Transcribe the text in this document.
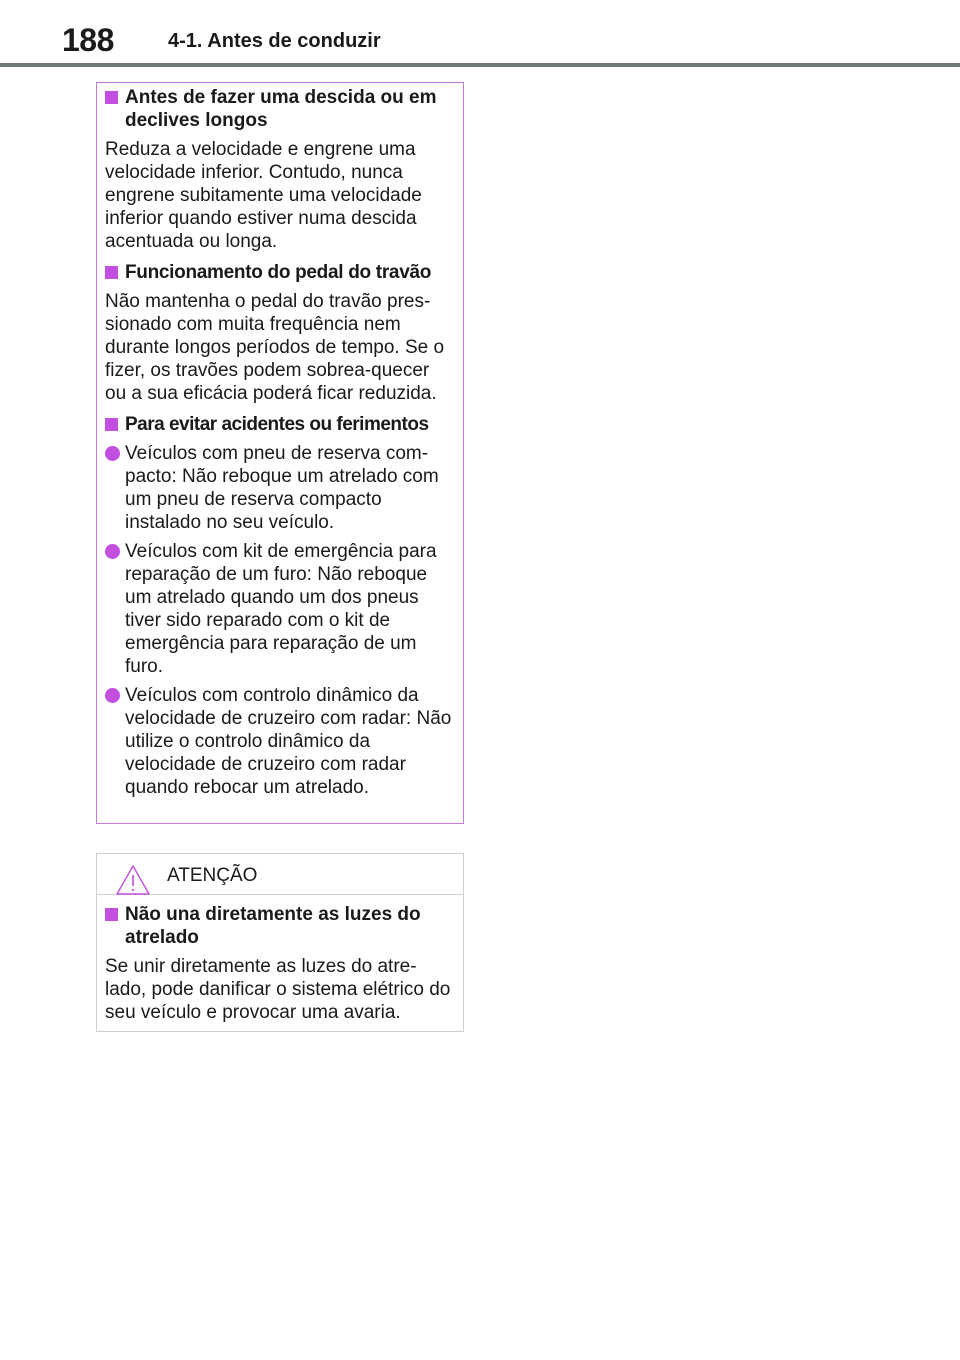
188	4-1. Antes de conduzir
Antes de fazer uma descida ou em declives longos
Reduza a velocidade e engrene uma velocidade inferior. Contudo, nunca engrene subitamente uma velocidade inferior quando estiver numa descida acentuada ou longa.
Funcionamento do pedal do travão
Não mantenha o pedal do travão pres-sionado com muita frequência nem durante longos períodos de tempo. Se o fizer, os travões podem sobrea-quecer ou a sua eficácia poderá ficar reduzida.
Para evitar acidentes ou ferimentos
Veículos com pneu de reserva com-pacto: Não reboque um atrelado com um pneu de reserva compacto instalado no seu veículo.
Veículos com kit de emergência para reparação de um furo: Não reboque um atrelado quando um dos pneus tiver sido reparado com o kit de emergência para reparação de um furo.
Veículos com controlo dinâmico da velocidade de cruzeiro com radar: Não utilize o controlo dinâmico da velocidade de cruzeiro com radar quando rebocar um atrelado.
ATENÇÃO
Não una diretamente as luzes do atrelado
Se unir diretamente as luzes do atre-lado, pode danificar o sistema elétrico do seu veículo e provocar uma avaria.
